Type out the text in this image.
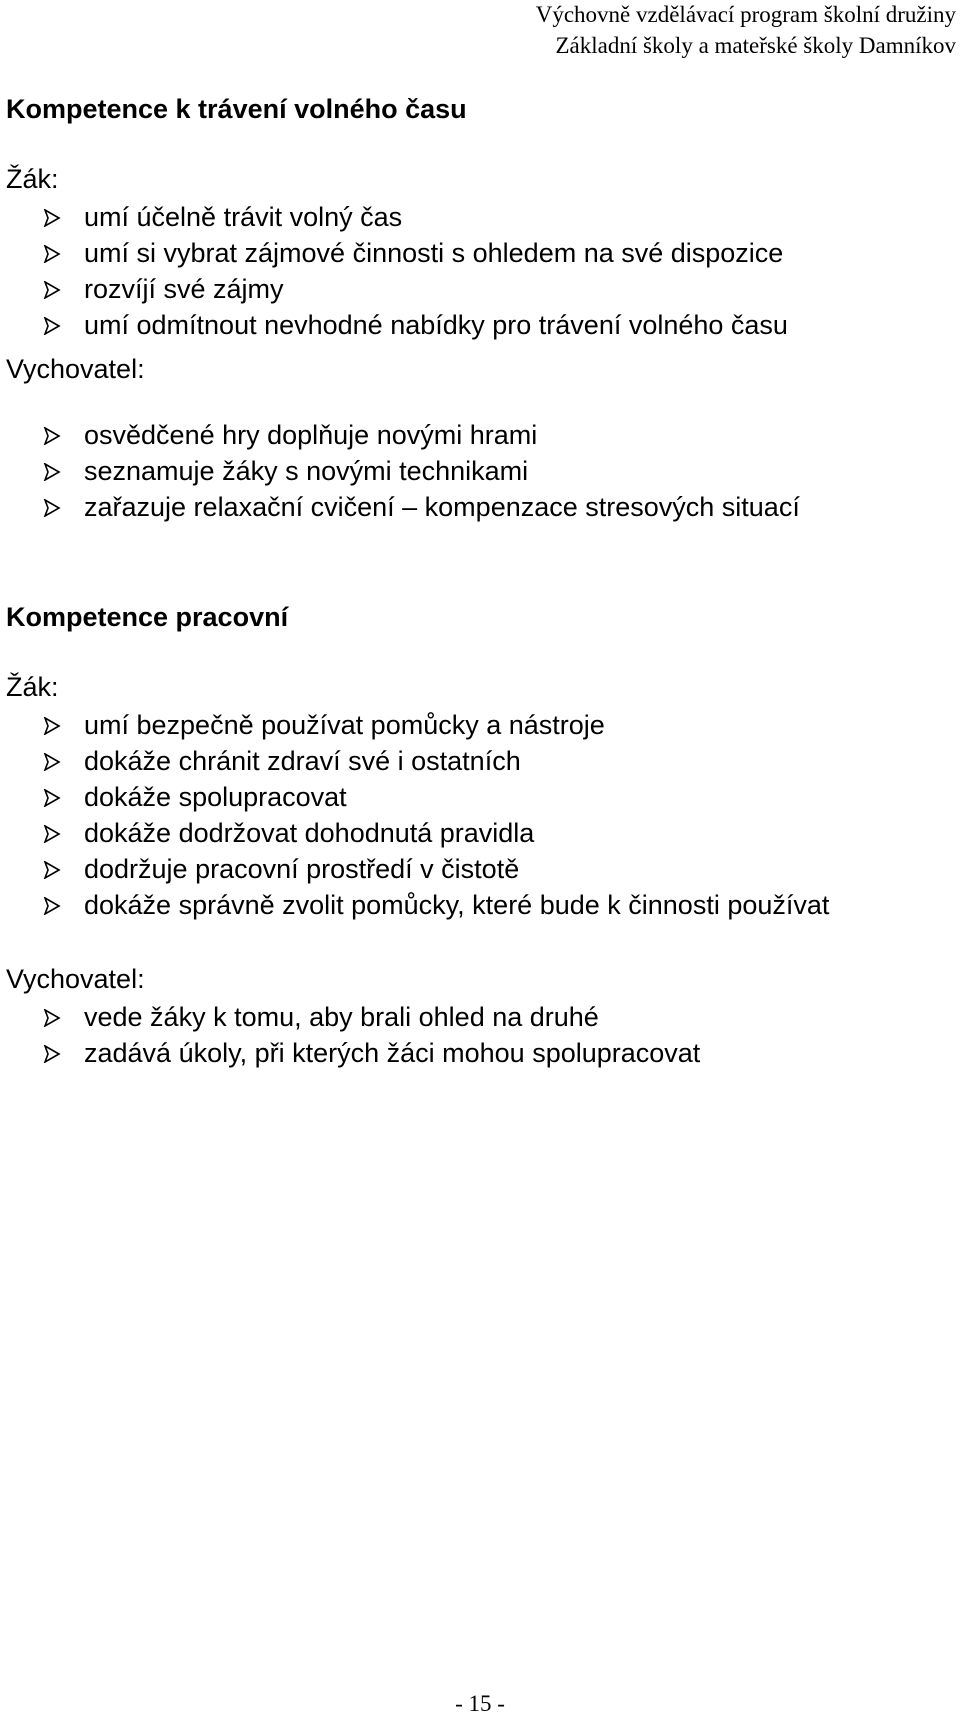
Výchovně vzdělávací program školní družiny
Základní školy a mateřské školy Damníkov
Kompetence k trávení volného času
Žák:
umí účelně trávit volný čas
umí si vybrat zájmové činnosti s ohledem na své dispozice
rozvíjí své zájmy
umí odmítnout nevhodné nabídky pro trávení volného času
Vychovatel:
osvědčené hry doplňuje novými hrami
seznamuje žáky s novými technikami
zařazuje relaxační cvičení – kompenzace stresových situací
Kompetence pracovní
Žák:
umí bezpečně používat pomůcky a nástroje
dokáže chránit zdraví své i ostatních
dokáže spolupracovat
dokáže dodržovat dohodnutá pravidla
dodržuje pracovní prostředí v čistotě
dokáže správně zvolit pomůcky, které bude k činnosti používat
Vychovatel:
vede žáky k tomu, aby brali ohled na druhé
zadává úkoly, při kterých žáci mohou spolupracovat
- 15 -
